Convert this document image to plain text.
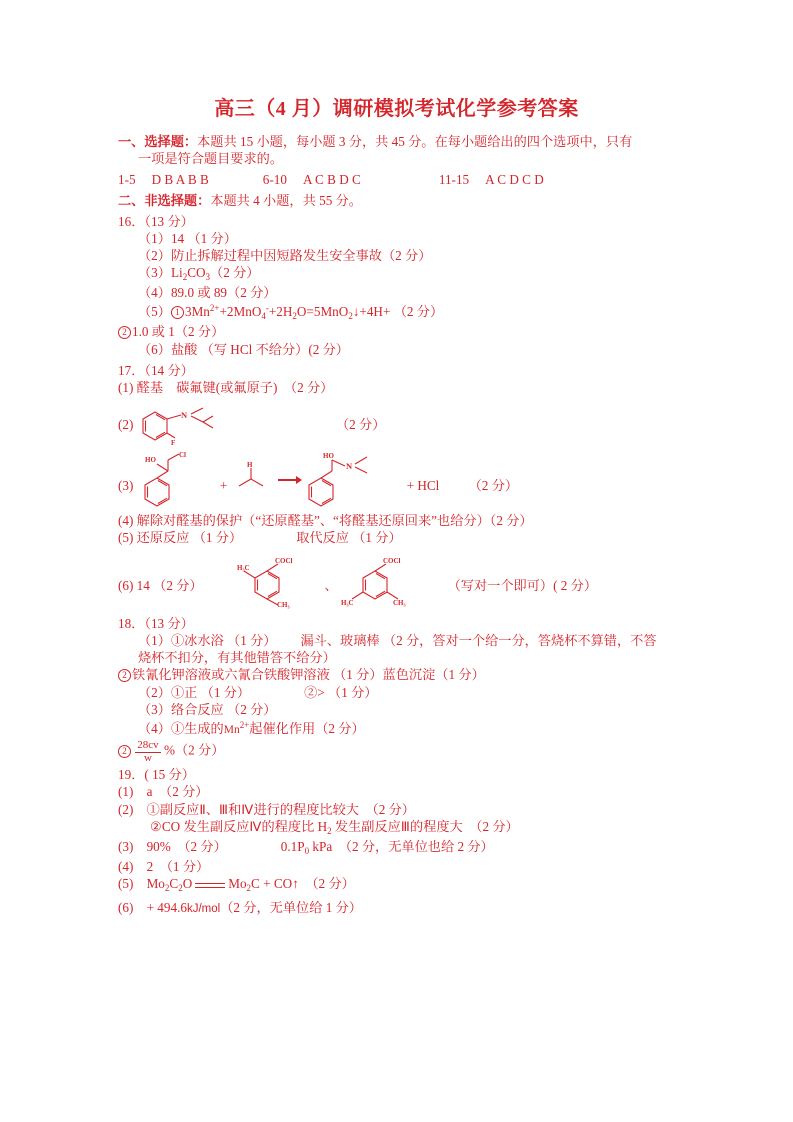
高三（4 月）调研模拟考试化学参考答案
一、选择题：本题共 15 小题，每小题 3 分，共 45 分。在每小题给出的四个选项中，只有
一项是符合题目要求的。
1-5 D B A B B	6-10 A C B D C	11-15 A C D C D
二、非选择题：本题共 4 小题，共 55 分。
16．（13 分）
（1）14 （1 分）
（2）防止拆解过程中因短路发生安全事故（2 分）
$(3)Li_2CO_3(2$ 分）
（4）89.0 或 89（2 分）
（5） 1 $3Mn^{2+}+2MnO_4^-+2H_2O=5MnO_2↓+4H+ (2$ 分）
2 1.0 或 1（2 分）
（6）盐酸 （写 HCl 不给分）(2 分）
17．（14 分）
(1) 醛基　碳氟键(或氟原子)　（2 分）
(2)
N
F
（2 分）
(3)
HO
Cl
+
H

HO
N
+ HCl （2 分）
(4) 解除对醛基的保护（“还原醛基”、“将醛基还原回来”也给分）（2 分）
(5) 还原反应 （1 分）	取代反应 （1 分）
(6) 14 （2 分）
COCl
H₃C
CH₃
、
COCl
H₃C	CH₃
（写对一个即可）( 2 分）
18．（13 分）
（1）①冰水浴 （1 分） 漏斗、玻璃棒 （2 分，答对一个给一分，答烧杯不算错，不答
烧杯不扣分，有其他错答不给分）
2 铁氰化钾溶液或六氰合铁酸钾溶液 （1 分）蓝色沉淀（1 分）
（2）①正 （1 分）	②> （1 分）
（3）络合反应 （2 分）
（4）①生成的$Mn^{2+}$起催化作用（2 分）
$2 \frac{28cv}{w} \%(2$ 分）
19．( 15 分）
(1)　a　（2 分）
(2)　①副反应Ⅱ、Ⅲ和Ⅳ进行的程度比较大　（2 分）
②CO 发生副反应Ⅳ的程度比 $H_2$ 发生副反应Ⅲ的程度大　（2 分）
(3)　90%　（2 分）	$0.1P_0$ kPa　（2 分，无单位也给 2 分）
(4)　2　（1 分）
(5)　$Mo_2C_2O$	$Mo_2C$ + CO↑　（2 分）
(6)　+ 494.6kJ/mol（2 分，无单位给 1 分）
